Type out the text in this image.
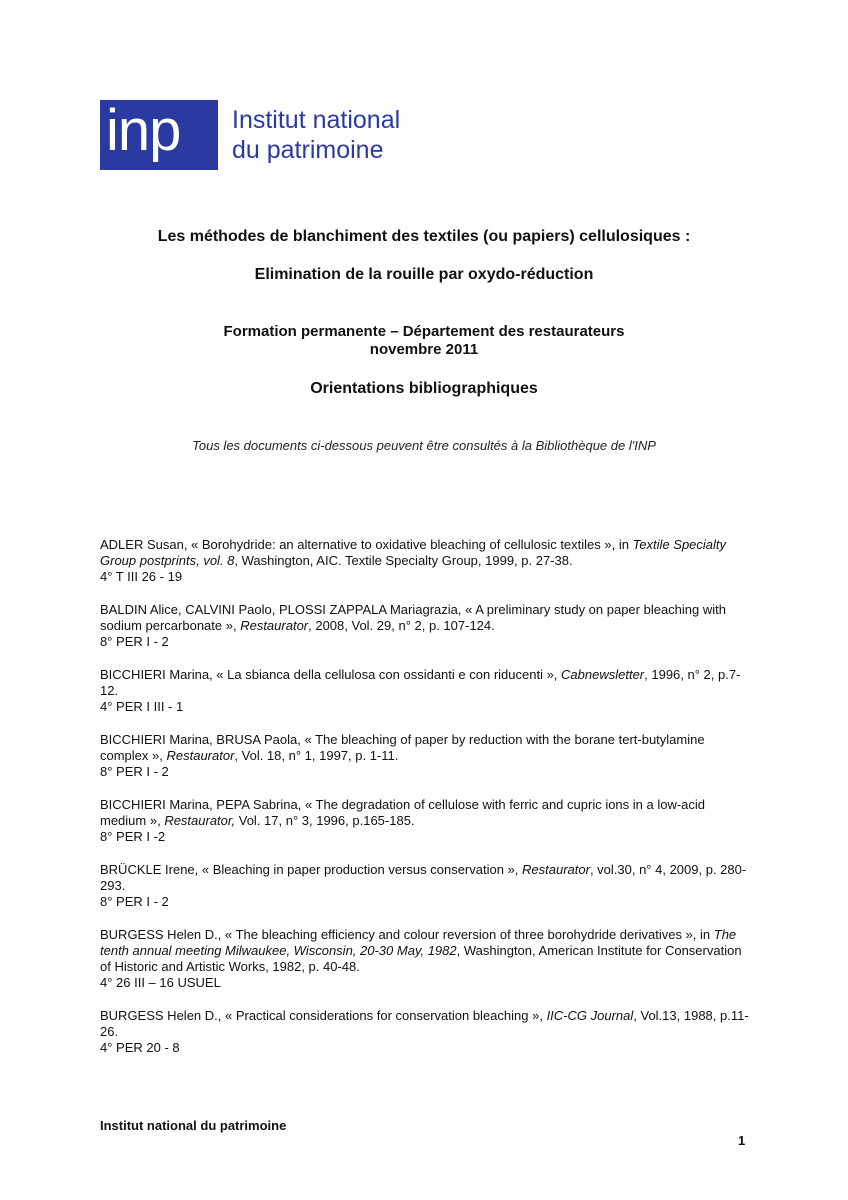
inp	Institut national
du patrimoine
Les méthodes de blanchiment des textiles (ou papiers) cellulosiques :
Elimination de la rouille par oxydo-réduction
Formation permanente – Département des restaurateurs
novembre 2011
Orientations bibliographiques
Tous les documents ci-dessous peuvent être consultés à la Bibliothèque de l'INP
ADLER Susan, « Borohydride: an alternative to oxidative bleaching of cellulosic textiles », in Textile Specialty Group postprints, vol. 8, Washington, AIC. Textile Specialty Group, 1999, p. 27-38.
4° T III 26 - 19
BALDIN Alice, CALVINI Paolo, PLOSSI ZAPPALA Mariagrazia, « A preliminary study on paper bleaching with sodium percarbonate », Restaurator, 2008, Vol. 29, n° 2, p. 107-124.
8° PER I - 2
BICCHIERI Marina, « La sbianca della cellulosa con ossidanti e con riducenti », Cabnewsletter, 1996, n° 2, p.7-12.
4° PER I III - 1
BICCHIERI Marina, BRUSA Paola, « The bleaching of paper by reduction with the borane tert-butylamine complex », Restaurator, Vol. 18, n° 1, 1997, p. 1-11.
8° PER I - 2
BICCHIERI Marina, PEPA Sabrina, « The degradation of cellulose with ferric and cupric ions in a low-acid medium », Restaurator, Vol. 17, n° 3, 1996, p.165-185.
8° PER I -2
BRÜCKLE Irene, « Bleaching in paper production versus conservation », Restaurator, vol.30, n° 4, 2009, p. 280-293.
8° PER I - 2
BURGESS Helen D., « The bleaching efficiency and colour reversion of three borohydride derivatives », in The tenth annual meeting Milwaukee, Wisconsin, 20-30 May, 1982, Washington, American Institute for Conservation of Historic and Artistic Works, 1982, p. 40-48.
4° 26 III – 16 USUEL
BURGESS Helen D., « Practical considerations for conservation bleaching », IIC-CG Journal, Vol.13, 1988, p.11-26.
4° PER 20 - 8
Institut national du patrimoine
1
